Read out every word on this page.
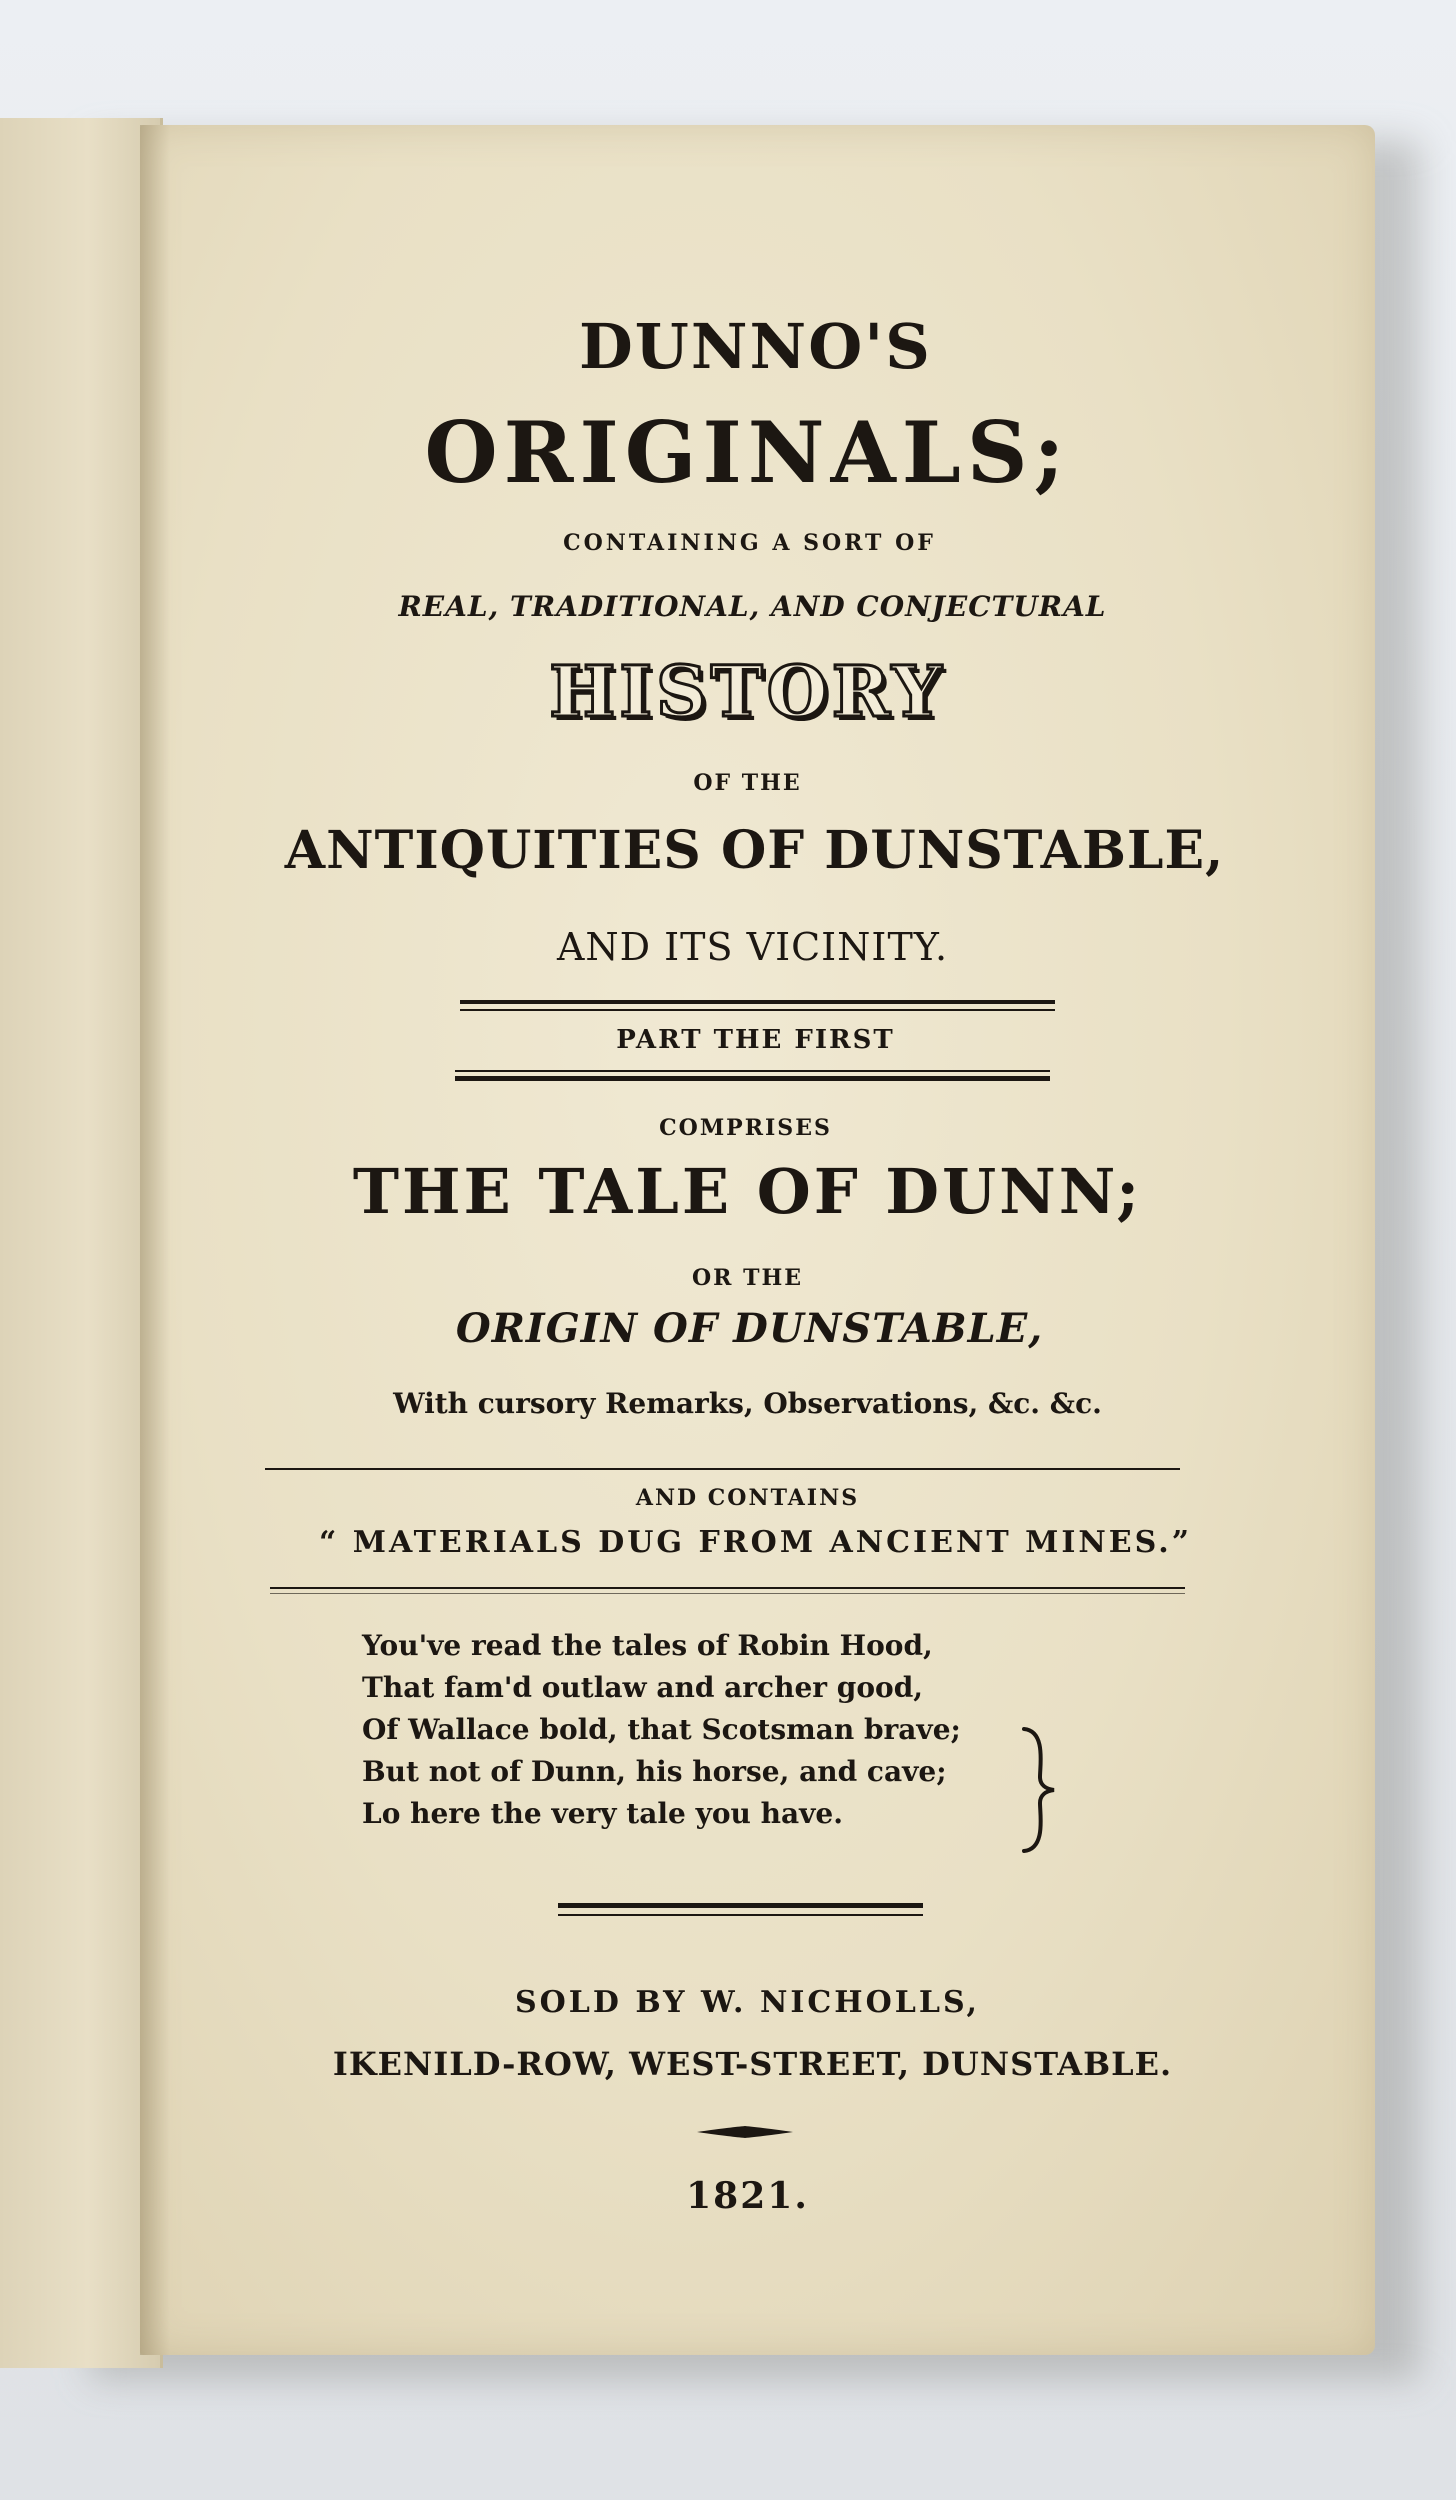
DUNNO'S
ORIGINALS;
CONTAINING A SORT OF
REAL, TRADITIONAL, AND CONJECTURAL
HISTORY
OF THE
ANTIQUITIES OF DUNSTABLE,
AND ITS VICINITY.
PART THE FIRST
COMPRISES
THE TALE OF DUNN;
OR THE
ORIGIN OF DUNSTABLE,
With cursory Remarks, Observations, &c. &c.
AND CONTAINS
“ MATERIALS DUG FROM ANCIENT MINES.”
You've read the tales of Robin Hood,
That fam'd outlaw and archer good,
Of Wallace bold, that Scotsman brave;
But not of Dunn, his horse, and cave;
Lo here the very tale you have.
SOLD BY W. NICHOLLS,
IKENILD-ROW, WEST-STREET, DUNSTABLE.
1821.
